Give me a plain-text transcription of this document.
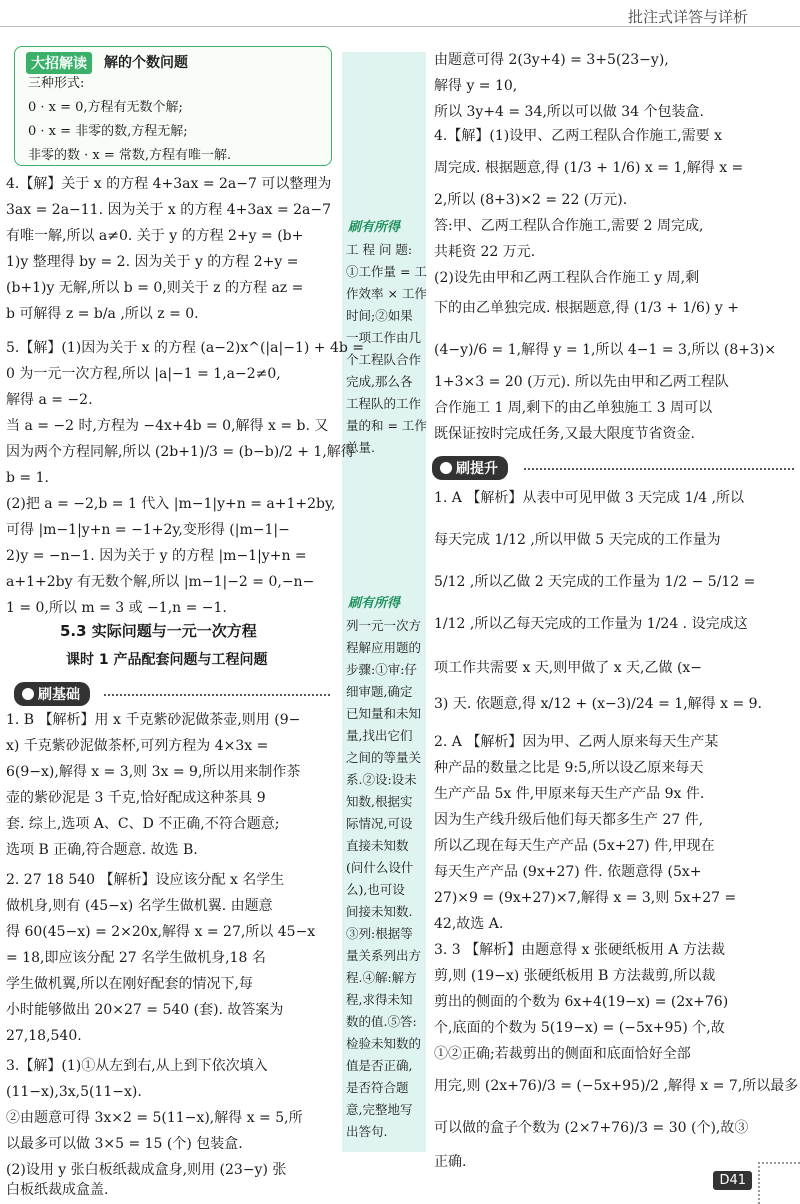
批注式详答与详析
大招解读	解的个数问题
三种形式:
0 · x = 0,方程有无数个解;
0 · x = 非零的数,方程无解;
非零的数 · x = 常数,方程有唯一解.
刷有所得
工 程 问 题:
①工作量 = 工
作效率 × 工作
时间;②如果
一项工作由几
个工程队合作
完成,那么各
工程队的工作
量的和 = 工作
总量.
刷有所得
列一元一次方
程解应用题的
步骤:①审:仔
细审题,确定
已知量和未知
量,找出它们
之间的等量关
系.②设:设未
知数,根据实
际情况,可设
直接未知数
(问什么设什
么),也可设
间接未知数.
③列:根据等
量关系列出方
程.④解:解方
程,求得未知
数的值.⑤答:
检验未知数的
值是否正确,
是否符合题
意,完整地写
出答句.
4.【解】关于 x 的方程 4+3ax = 2a−7 可以整理为
3ax = 2a−11. 因为关于 x 的方程 4+3ax = 2a−7
有唯一解,所以 a≠0. 关于 y 的方程 2+y = (b+
1)y 整理得 by = 2. 因为关于 y 的方程 2+y =
(b+1)y 无解,所以 b = 0,则关于 z 的方程 az =
b 可解得 z = b/a ,所以 z = 0.
5.【解】(1)因为关于 x 的方程 (a−2)x^(|a|−1) + 4b =
0 为一元一次方程,所以 |a|−1 = 1,a−2≠0,
解得 a = −2.
当 a = −2 时,方程为 −4x+4b = 0,解得 x = b. 又
因为两个方程同解,所以 (2b+1)/3 = (b−b)/2 + 1,解得
b = 1.
(2)把 a = −2,b = 1 代入 |m−1|y+n = a+1+2by,
可得 |m−1|y+n = −1+2y,变形得 (|m−1|−
2)y = −n−1. 因为关于 y 的方程 |m−1|y+n =
a+1+2by 有无数个解,所以 |m−1|−2 = 0,−n−
1 = 0,所以 m = 3 或 −1,n = −1.
5.3 实际问题与一元一次方程
课时 1 产品配套问题与工程问题
刷基础
1. B 【解析】用 x 千克紫砂泥做茶壶,则用 (9−
x) 千克紫砂泥做茶杯,可列方程为 4×3x =
6(9−x),解得 x = 3,则 3x = 9,所以用来制作茶
壶的紫砂泥是 3 千克,恰好配成这种茶具 9
套. 综上,选项 A、C、D 不正确,不符合题意;
选项 B 正确,符合题意. 故选 B.
2. 27 18 540 【解析】设应该分配 x 名学生
做机身,则有 (45−x) 名学生做机翼. 由题意
得 60(45−x) = 2×20x,解得 x = 27,所以 45−x
= 18,即应该分配 27 名学生做机身,18 名
学生做机翼,所以在刚好配套的情况下,每
小时能够做出 20×27 = 540 (套). 故答案为
27,18,540.
3.【解】(1)①从左到右,从上到下依次填入
(11−x),3x,5(11−x).
②由题意可得 3x×2 = 5(11−x),解得 x = 5,所
以最多可以做 3×5 = 15 (个) 包装盒.
(2)设用 y 张白板纸裁成盒身,则用 (23−y) 张
白板纸裁成盒盖.
由题意可得 2(3y+4) = 3+5(23−y),
解得 y = 10,
所以 3y+4 = 34,所以可以做 34 个包装盒.
4.【解】(1)设甲、乙两工程队合作施工,需要 x
周完成. 根据题意,得 (1/3 + 1/6) x = 1,解得 x =
2,所以 (8+3)×2 = 22 (万元).
答:甲、乙两工程队合作施工,需要 2 周完成,
共耗资 22 万元.
(2)设先由甲和乙两工程队合作施工 y 周,剩
下的由乙单独完成. 根据题意,得 (1/3 + 1/6) y +
(4−y)/6 = 1,解得 y = 1,所以 4−1 = 3,所以 (8+3)×
1+3×3 = 20 (万元). 所以先由甲和乙两工程队
合作施工 1 周,剩下的由乙单独施工 3 周可以
既保证按时完成任务,又最大限度节省资金.
刷提升
1. A 【解析】从表中可见甲做 3 天完成 1/4 ,所以
每天完成 1/12 ,所以甲做 5 天完成的工作量为
5/12 ,所以乙做 2 天完成的工作量为 1/2 − 5/12 =
1/12 ,所以乙每天完成的工作量为 1/24 . 设完成这
项工作共需要 x 天,则甲做了 x 天,乙做 (x−
3) 天. 依题意,得 x/12 + (x−3)/24 = 1,解得 x = 9.
2. A 【解析】因为甲、乙两人原来每天生产某
种产品的数量之比是 9:5,所以设乙原来每天
生产产品 5x 件,甲原来每天生产产品 9x 件.
因为生产线升级后他们每天都多生产 27 件,
所以乙现在每天生产产品 (5x+27) 件,甲现在
每天生产产品 (9x+27) 件. 依题意得 (5x+
27)×9 = (9x+27)×7,解得 x = 3,则 5x+27 =
42,故选 A.
3. 3 【解析】由题意得 x 张硬纸板用 A 方法裁
剪,则 (19−x) 张硬纸板用 B 方法裁剪,所以裁
剪出的侧面的个数为 6x+4(19−x) = (2x+76)
个,底面的个数为 5(19−x) = (−5x+95) 个,故
①②正确;若裁剪出的侧面和底面恰好全部
用完,则 (2x+76)/3 = (−5x+95)/2 ,解得 x = 7,所以最多
可以做的盒子个数为 (2×7+76)/3 = 30 (个),故③
正确.
D41
